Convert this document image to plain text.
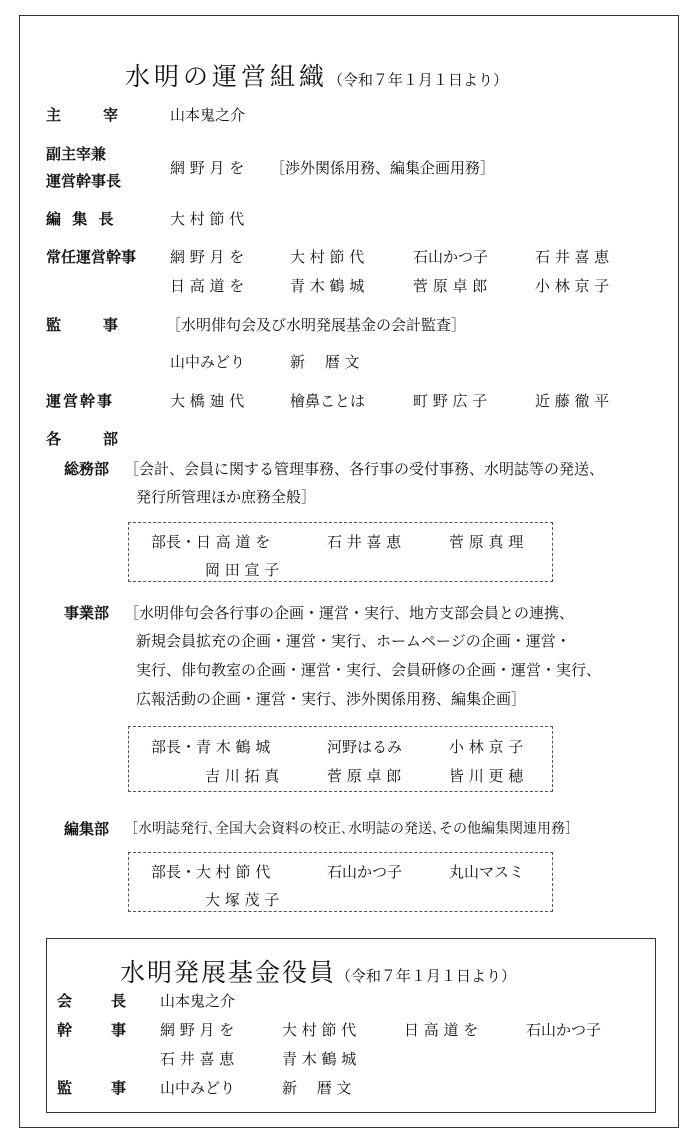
水明の運営組織（令和７年１月１日より）
主　　宰	山本鬼之介
副主宰兼
運営幹事長
網 野 月 を ［渉外関係用務、編集企画用務］
編 集 長	大 村 節 代
常任運営幹事 網 野 月 を	大 村 節 代	石山かつ子	石 井 喜 恵
日 高 道 を	青 木 鶴 城	菅 原 卓 郎	小 林 京 子
監　　事	［水明俳句会及び水明発展基金の会計監査］
山中みどり	新　 暦 文
運営幹事	大 橋 廸 代	檜鼻ことは	町 野 広 子	近 藤 徹 平
各　　部
総務部 ［会計、会員に関する管理事務、各行事の受付事務、水明誌等の発送、
発行所管理ほか庶務全般］
部長・日 高 道 を	石 井 喜 恵	菅 原 真 理
岡 田 宣 子
事業部 ［水明俳句会各行事の企画・運営・実行、地方支部会員との連携、
新規会員拡充の企画・運営・実行、ホームページの企画・運営・
実行、俳句教室の企画・運営・実行、会員研修の企画・運営・実行、
広報活動の企画・運営・実行、渉外関係用務、編集企画］
部長・青 木 鶴 城	河野はるみ	小 林 京 子
吉 川 拓 真	菅 原 卓 郎	皆 川 更 穂
編集部 ［水明誌発行､全国大会資料の校正､水明誌の発送､その他編集関連用務］
部長・大 村 節 代	石山かつ子	丸山マスミ
大 塚 茂 子
水明発展基金役員（令和７年１月１日より）
会　　長 山本鬼之介
幹　　事 網 野 月 を	大 村 節 代	日 高 道 を	石山かつ子
石 井 喜 恵	青 木 鶴 城
監　　事 山中みどり	新　 暦 文
